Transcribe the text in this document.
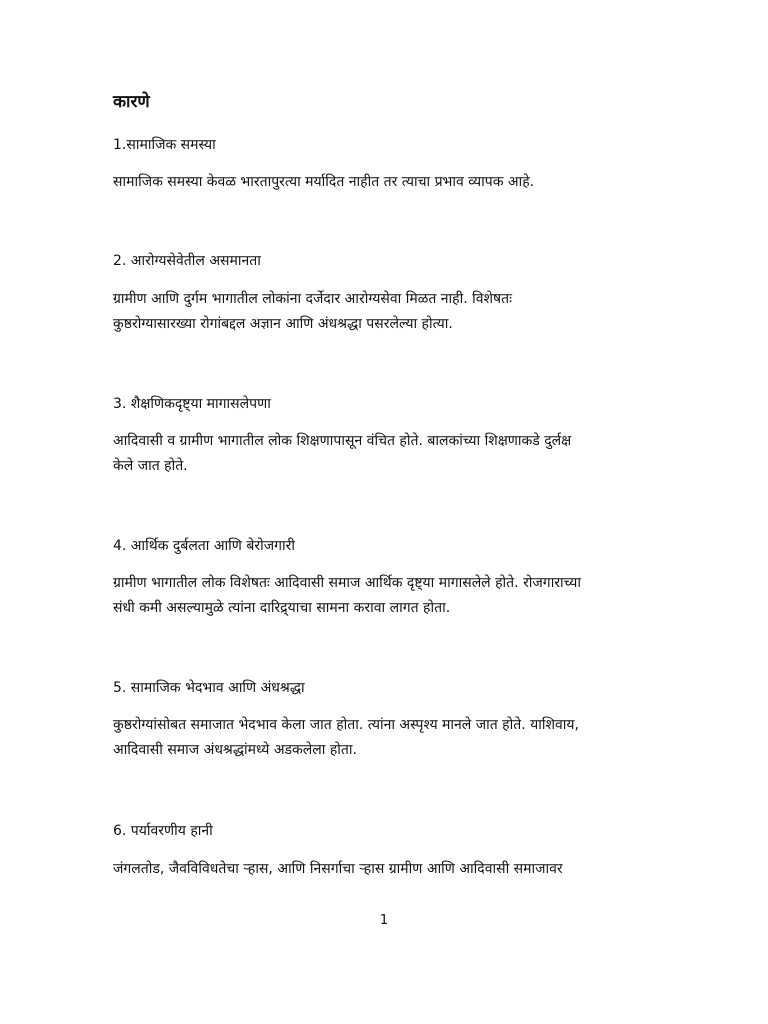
कारणे
1.सामाजिक समस्या
सामाजिक समस्या केवळ भारतापुरत्या मर्यादित नाहीत तर त्याचा प्रभाव व्यापक आहे.
2. आरोग्यसेवेतील असमानता
ग्रामीण आणि दुर्गम भागातील लोकांना दर्जेदार आरोग्यसेवा मिळत नाही. विशेषतः
कुष्ठरोग्यासारख्या रोगांबद्दल अज्ञान आणि अंधश्रद्धा पसरलेल्या होत्या.
3. शैक्षणिकदृष्ट्या मागासलेपणा
आदिवासी व ग्रामीण भागातील लोक शिक्षणापासून वंचित होते. बालकांच्या शिक्षणाकडे दुर्लक्ष
केले जात होते.
4. आर्थिक दुर्बलता आणि बेरोजगारी
ग्रामीण भागातील लोक विशेषतः आदिवासी समाज आर्थिक दृष्ट्या मागासलेले होते. रोजगाराच्या
संधी कमी असल्यामुळे त्यांना दारिद्र्याचा सामना करावा लागत होता.
5. सामाजिक भेदभाव आणि अंधश्रद्धा
कुष्ठरोग्यांसोबत समाजात भेदभाव केला जात होता. त्यांना अस्पृश्य मानले जात होते. याशिवाय,
आदिवासी समाज अंधश्रद्धांमध्ये अडकलेला होता.
6. पर्यावरणीय हानी
जंगलतोड, जैवविविधतेचा ऱ्हास, आणि निसर्गाचा ऱ्हास ग्रामीण आणि आदिवासी समाजावर
1
